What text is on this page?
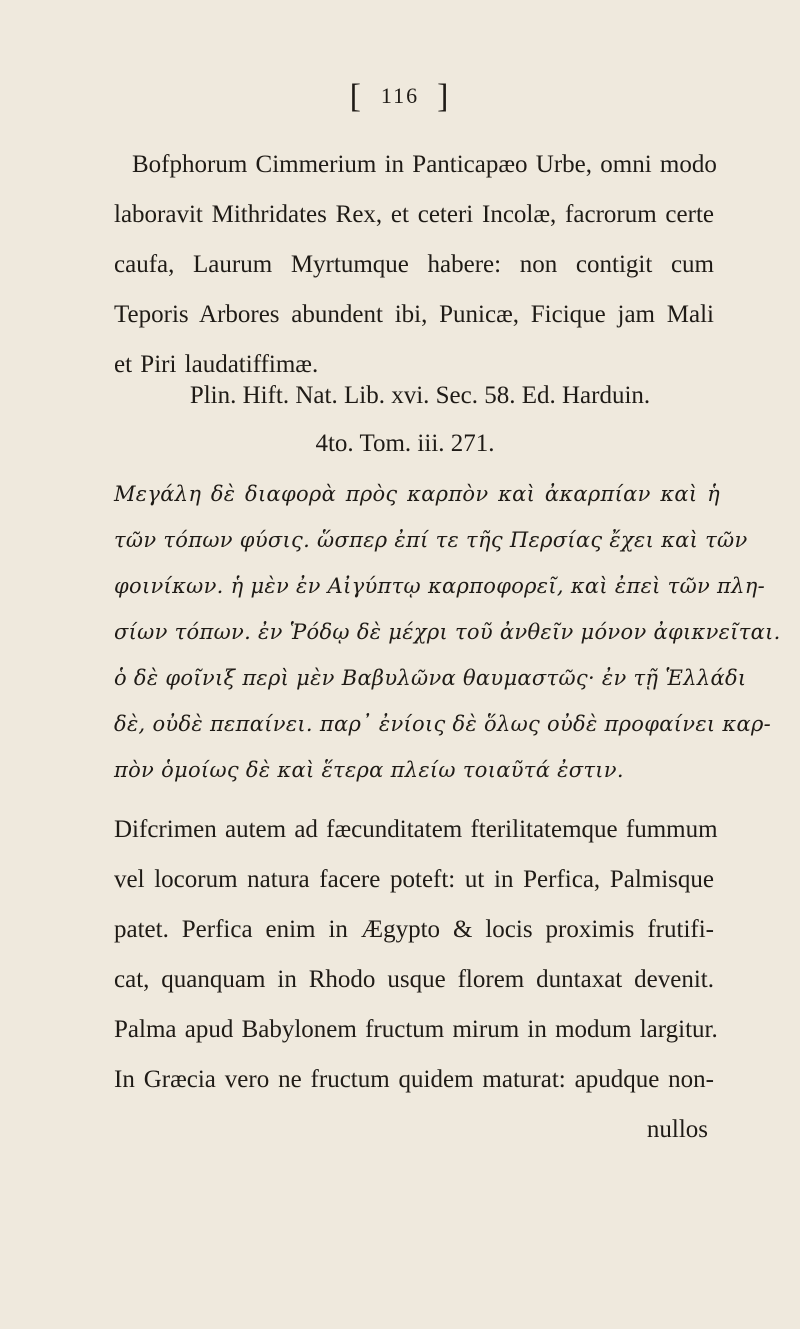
[ 116 ]
Bofphorum Cimmerium in Panticapæo Urbe, omni modo
laboravit Mithridates Rex, et ceteri Incolæ, facrorum certe
caufa, Laurum Myrtumque habere: non contigit cum
Teporis Arbores abundent ibi, Punicæ, Ficique jam Mali
et Piri laudatiffimæ.
Plin. Hift. Nat. Lib. xvi. Sec. 58. Ed. Harduin.
4to. Tom. iii. 271.
Μεγάλη δὲ διαφορὰ πρὸς καρπὸν καὶ ἀκαρπίαν καὶ ἡ
τῶν τόπων φύσις. ὥσπερ ἐπί τε τῆς Περσίας ἔχει καὶ τῶν
φοινίκων. ἡ μὲν ἐν Αἰγύπτῳ καρποφορεῖ, καὶ ἐπεὶ τῶν πλη-
σίων τόπων. ἐν Ῥόδῳ δὲ μέχρι τοῦ ἀνθεῖν μόνον ἀφικνεῖται.
ὁ δὲ φοῖνιξ περὶ μὲν Βαβυλῶνα θαυμαστῶς· ἐν τῇ Ἑλλάδι
δὲ, οὐδὲ πεπαίνει. παρ᾽ ἐνίοις δὲ ὅλως οὐδὲ προφαίνει καρ-
πὸν ὁμοίως δὲ καὶ ἕτερα πλείω τοιαῦτά ἐστιν.
Difcrimen autem ad fæcunditatem fterilitatemque fummum
vel locorum natura facere poteft: ut in Perfica, Palmisque
patet. Perfica enim in Ægypto & locis proximis frutifi-
cat, quanquam in Rhodo usque florem duntaxat devenit.
Palma apud Babylonem fructum mirum in modum largitur.
In Græcia vero ne fructum quidem maturat: apudque non-
nullos
